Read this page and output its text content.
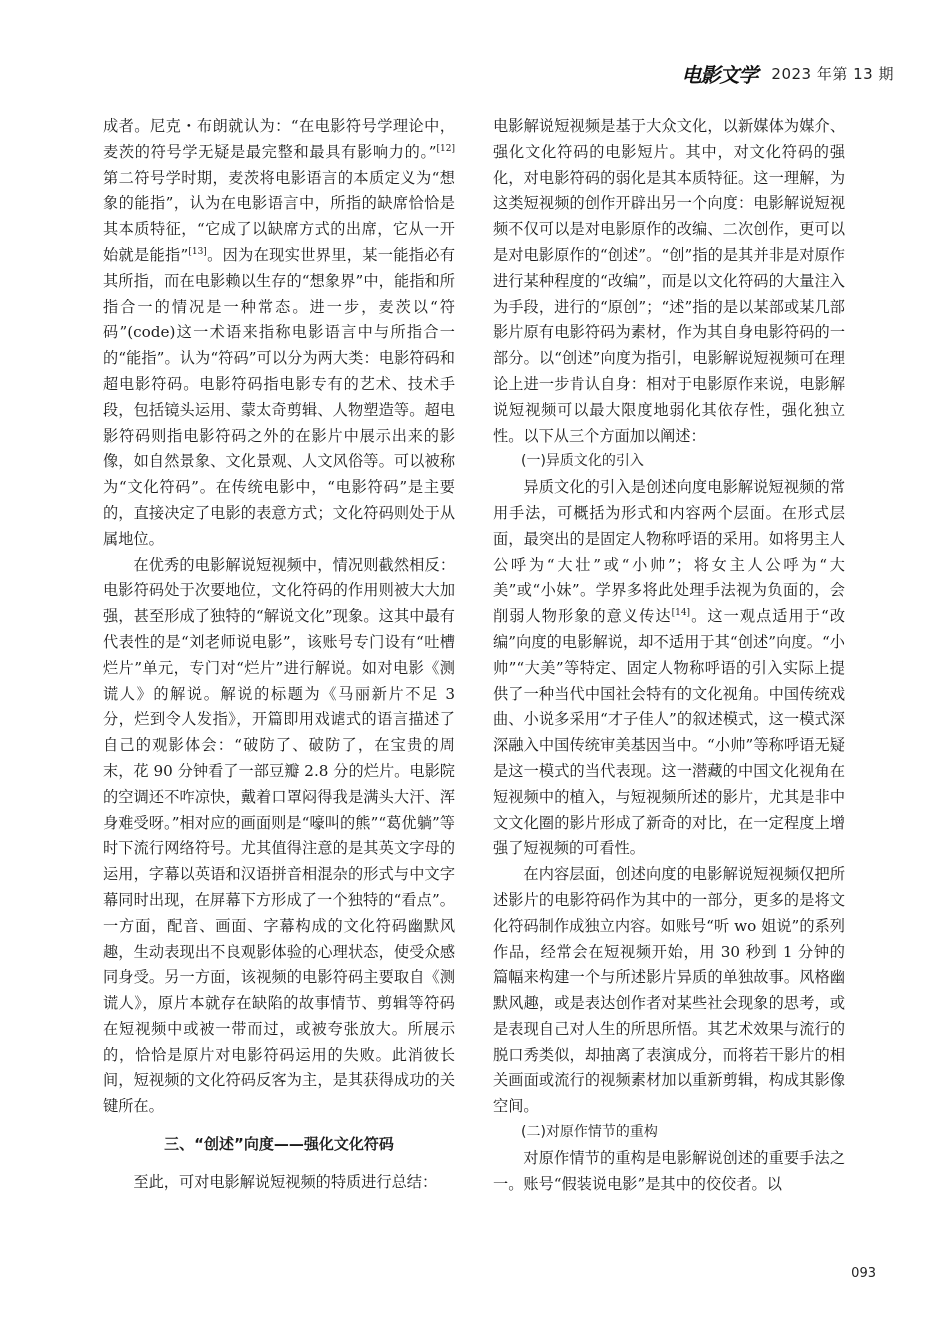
电影文学 2023 年第 13 期

成者。尼克・布朗就认为：“在电影符号学理论中，麦茨的符号学无疑是最完整和最具有影响力的。”[12]第二符号学时期，麦茨将电影语言的本质定义为“想象的能指”，认为在电影语言中，所指的缺席恰恰是其本质特征，“它成了以缺席方式的出席，它从一开始就是能指”[13]。因为在现实世界里，某一能指必有其所指，而在电影赖以生存的“想象界”中，能指和所指合一的情况是一种常态。进一步，麦茨以“符码”(code)这一术语来指称电影语言中与所指合一的“能指”。认为“符码”可以分为两大类：电影符码和超电影符码。电影符码指电影专有的艺术、技术手段，包括镜头运用、蒙太奇剪辑、人物塑造等。超电影符码则指电影符码之外的在影片中展示出来的影像，如自然景象、文化景观、人文风俗等。可以被称为“文化符码”。在传统电影中，“电影符码”是主要的，直接决定了电影的表意方式；文化符码则处于从属地位。

在优秀的电影解说短视频中，情况则截然相反：电影符码处于次要地位，文化符码的作用则被大大加强，甚至形成了独特的“解说文化”现象。这其中最有代表性的是“刘老师说电影”，该账号专门设有“吐槽烂片”单元，专门对“烂片”进行解说。如对电影《测谎人》的解说。解说的标题为《马丽新片不足 3 分，烂到令人发指》，开篇即用戏谑式的语言描述了自己的观影体会：“破防了、破防了，在宝贵的周末，花 90 分钟看了一部豆瓣 2.8 分的烂片。电影院的空调还不咋凉快，戴着口罩闷得我是满头大汗、浑身难受呀。”相对应的画面则是“嚎叫的熊”“葛优躺”等时下流行网络符号。尤其值得注意的是其英文字母的运用，字幕以英语和汉语拼音相混杂的形式与中文字幕同时出现，在屏幕下方形成了一个独特的“看点”。一方面，配音、画面、字幕构成的文化符码幽默风趣，生动表现出不良观影体验的心理状态，使受众感同身受。另一方面，该视频的电影符码主要取自《测谎人》，原片本就存在缺陷的故事情节、剪辑等符码在短视频中或被一带而过，或被夸张放大。所展示的，恰恰是原片对电影符码运用的失败。此消彼长间，短视频的文化符码反客为主，是其获得成功的关键所在。

三、“创述”向度——强化文化符码

至此，可对电影解说短视频的特质进行总结：

电影解说短视频是基于大众文化，以新媒体为媒介、强化文化符码的电影短片。其中，对文化符码的强化，对电影符码的弱化是其本质特征。这一理解，为这类短视频的创作开辟出另一个向度：电影解说短视频不仅可以是对电影原作的改编、二次创作，更可以是对电影原作的“创述”。“创”指的是其并非是对原作进行某种程度的“改编”，而是以文化符码的大量注入为手段，进行的“原创”；“述”指的是以某部或某几部影片原有电影符码为素材，作为其自身电影符码的一部分。以“创述”向度为指引，电影解说短视频可在理论上进一步肯认自身：相对于电影原作来说，电影解说短视频可以最大限度地弱化其依存性，强化独立性。以下从三个方面加以阐述：

(一)异质文化的引入

异质文化的引入是创述向度电影解说短视频的常用手法，可概括为形式和内容两个层面。在形式层面，最突出的是固定人物称呼语的采用。如将男主人公呼为“大壮”或“小帅”；将女主人公呼为“大美”或“小妹”。学界多将此处理手法视为负面的，会削弱人物形象的意义传达[14]。这一观点适用于“改编”向度的电影解说，却不适用于其“创述”向度。“小帅”“大美”等特定、固定人物称呼语的引入实际上提供了一种当代中国社会特有的文化视角。中国传统戏曲、小说多采用“才子佳人”的叙述模式，这一模式深深融入中国传统审美基因当中。“小帅”等称呼语无疑是这一模式的当代表现。这一潜藏的中国文化视角在短视频中的植入，与短视频所述的影片，尤其是非中文文化圈的影片形成了新奇的对比，在一定程度上增强了短视频的可看性。

在内容层面，创述向度的电影解说短视频仅把所述影片的电影符码作为其中的一部分，更多的是将文化符码制作成独立内容。如账号“听 wo 姐说”的系列作品，经常会在短视频开始，用 30 秒到 1 分钟的篇幅来构建一个与所述影片异质的单独故事。风格幽默风趣，或是表达创作者对某些社会现象的思考，或是表现自己对人生的所思所悟。其艺术效果与流行的脱口秀类似，却抽离了表演成分，而将若干影片的相关画面或流行的视频素材加以重新剪辑，构成其影像空间。

(二)对原作情节的重构

对原作情节的重构是电影解说创述的重要手法之一。账号“假装说电影”是其中的佼佼者。以

093
